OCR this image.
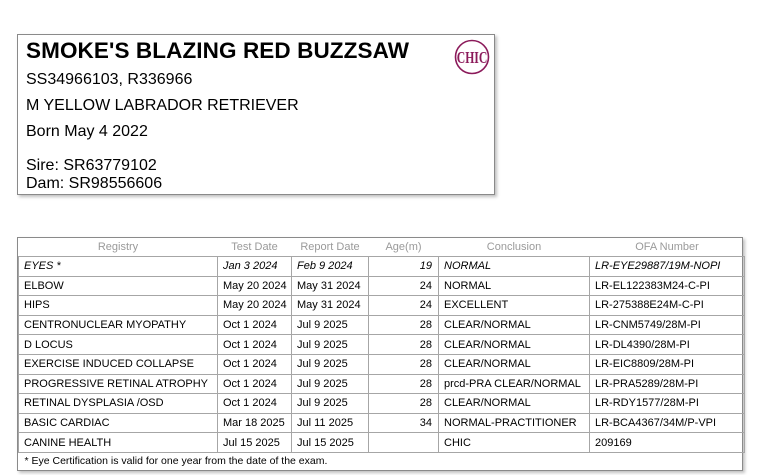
SMOKE'S BLAZING RED BUZZSAW	CHIC
SS34966103, R336966
M YELLOW LABRADOR RETRIEVER
Born May 4 2022
Sire: SR63779102
Dam: SR98556606
Registry	Test Date	Report Date	Age(m)	Conclusion	OFA Number
EYES *	Jan 3 2024	Feb 9 2024	19	NORMAL	LR-EYE29887/19M-NOPI
ELBOW	May 20 2024	May 31 2024	24	NORMAL	LR-EL122383M24-C-PI
HIPS	May 20 2024	May 31 2024	24	EXCELLENT	LR-275388E24M-C-PI
CENTRONUCLEAR MYOPATHY	Oct 1 2024	Jul 9 2025	28	CLEAR/NORMAL	LR-CNM5749/28M-PI
D LOCUS	Oct 1 2024	Jul 9 2025	28	CLEAR/NORMAL	LR-DL4390/28M-PI
EXERCISE INDUCED COLLAPSE	Oct 1 2024	Jul 9 2025	28	CLEAR/NORMAL	LR-EIC8809/28M-PI
PROGRESSIVE RETINAL ATROPHY	Oct 1 2024	Jul 9 2025	28	prcd-PRA CLEAR/NORMAL	LR-PRA5289/28M-PI
RETINAL DYSPLASIA /OSD	Oct 1 2024	Jul 9 2025	28	CLEAR/NORMAL	LR-RDY1577/28M-PI
BASIC CARDIAC	Mar 18 2025	Jul 11 2025	34	NORMAL-PRACTITIONER	LR-BCA4367/34M/P-VPI
CANINE HEALTH	Jul 15 2025	Jul 15 2025		CHIC	209169
* Eye Certification is valid for one year from the date of the exam.					
